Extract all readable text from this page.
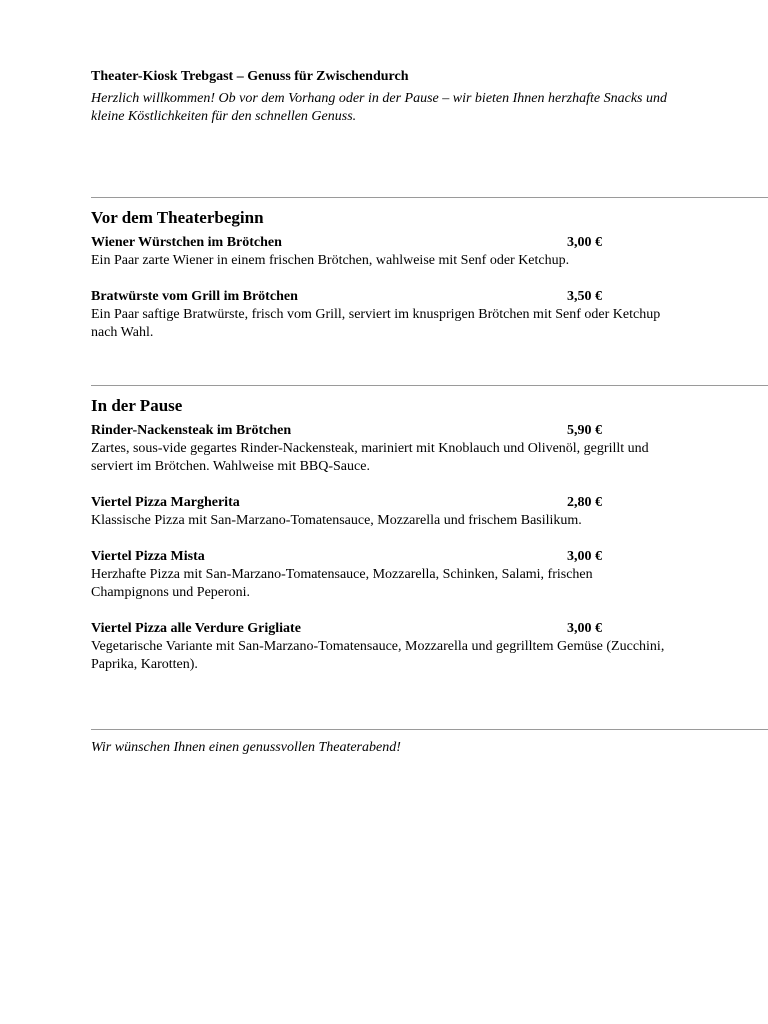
Theater-Kiosk Trebgast – Genuss für Zwischendurch
Herzlich willkommen! Ob vor dem Vorhang oder in der Pause – wir bieten Ihnen herzhafte Snacks und kleine Köstlichkeiten für den schnellen Genuss.
Vor dem Theaterbeginn
Wiener Würstchen im Brötchen	3,00 €
Ein Paar zarte Wiener in einem frischen Brötchen, wahlweise mit Senf oder Ketchup.
Bratwürste vom Grill im Brötchen	3,50 €
Ein Paar saftige Bratwürste, frisch vom Grill, serviert im knusprigen Brötchen mit Senf oder Ketchup nach Wahl.
In der Pause
Rinder-Nackensteak im Brötchen	5,90 €
Zartes, sous-vide gegartes Rinder-Nackensteak, mariniert mit Knoblauch und Olivenöl, gegrillt und serviert im Brötchen. Wahlweise mit BBQ-Sauce.
Viertel Pizza Margherita	2,80 €
Klassische Pizza mit San-Marzano-Tomatensauce, Mozzarella und frischem Basilikum.
Viertel Pizza Mista	3,00 €
Herzhafte Pizza mit San-Marzano-Tomatensauce, Mozzarella, Schinken, Salami, frischen Champignons und Peperoni.
Viertel Pizza alle Verdure Grigliate	3,00 €
Vegetarische Variante mit San-Marzano-Tomatensauce, Mozzarella und gegrilltem Gemüse (Zucchini, Paprika, Karotten).
Wir wünschen Ihnen einen genussvollen Theaterabend!
